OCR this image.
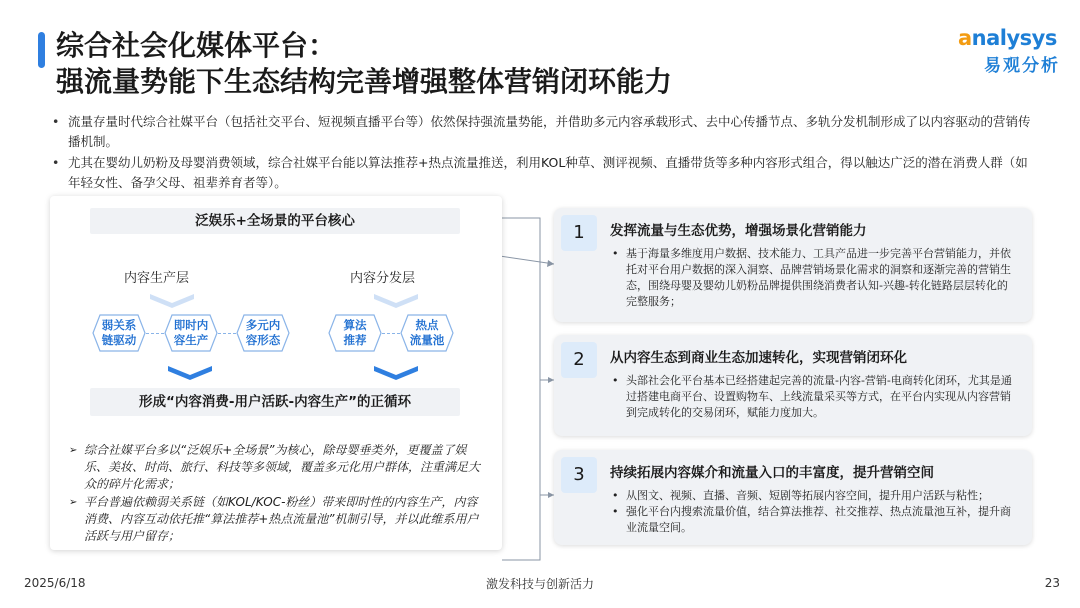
综合社会化媒体平台：
强流量势能下生态结构完善增强整体营销闭环能力
analysys
易观分析
• 流量存量时代综合社媒平台（包括社交平台、短视频直播平台等）依然保持强流量势能，并借助多元内容承载形式、去中心传播节点、多轨分发机制形成了以内容驱动的营销传播机制。
• 尤其在婴幼儿奶粉及母婴消费领域，综合社媒平台能以算法推荐+热点流量推送，利用KOL种草、测评视频、直播带货等多种内容形式组合，得以触达广泛的潜在消费人群（如年轻女性、备孕父母、祖辈养育者等）。
泛娱乐+全场景的平台核心
内容生产层	内容分发层
弱关系
链驱动
即时内
容生产
多元内
容形态
算法
推荐
热点
流量池
形成“内容消费-用户活跃-内容生产”的正循环
➢ 综合社媒平台多以“泛娱乐+全场景”为核心，除母婴垂类外，更覆盖了娱乐、美妆、时尚、旅行、科技等多领域，覆盖多元化用户群体，注重满足大众的碎片化需求；
➢ 平台普遍依赖弱关系链（如KOL/KOC-粉丝）带来即时性的内容生产，内容消费、内容互动依托推“算法推荐+热点流量池”机制引导，并以此维系用户活跃与用户留存；
1	发挥流量与生态优势，增强场景化营销能力
• 基于海量多维度用户数据、技术能力、工具产品进一步完善平台营销能力，并依托对平台用户数据的深入洞察、品牌营销场景化需求的洞察和逐渐完善的营销生态，围绕母婴及婴幼儿奶粉品牌提供围绕消费者认知-兴趣-转化链路层层转化的完整服务；
2	从内容生态到商业生态加速转化，实现营销闭环化
• 头部社会化平台基本已经搭建起完善的流量-内容-营销-电商转化闭环，尤其是通过搭建电商平台、设置购物车、上线流量采买等方式，在平台内实现从内容营销到完成转化的交易闭环，赋能力度加大。
3	持续拓展内容媒介和流量入口的丰富度，提升营销空间
• 从图文、视频、直播、音频、短剧等拓展内容空间，提升用户活跃与粘性；
• 强化平台内搜索流量价值，结合算法推荐、社交推荐、热点流量池互补，提升商业流量空间。
2025/6/18	激发科技与创新活力	23
